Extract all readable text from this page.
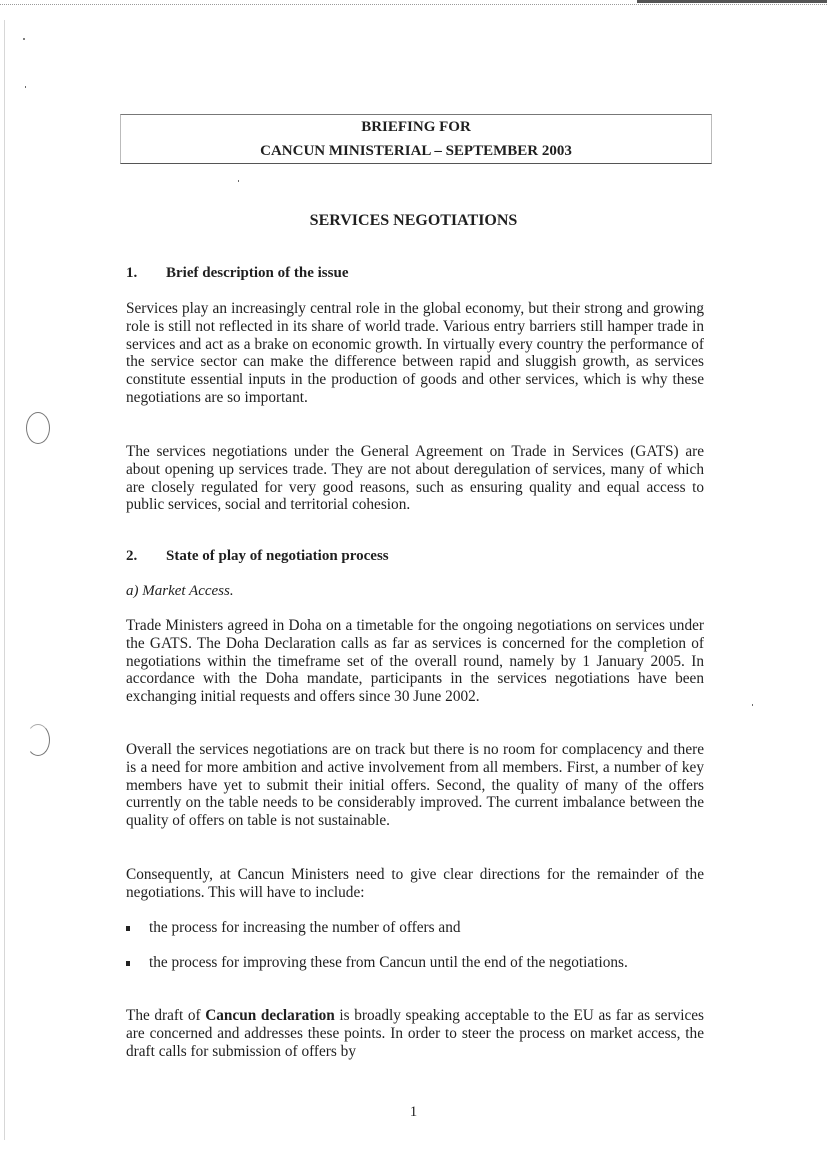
BRIEFING FOR
CANCUN MINISTERIAL – SEPTEMBER 2003
SERVICES NEGOTIATIONS
1. Brief description of the issue

Services play an increasingly central role in the global economy, but their strong and growing role is still not reflected in its share of world trade. Various entry barriers still hamper trade in services and act as a brake on economic growth. In virtually every country the performance of the service sector can make the difference between rapid and sluggish growth, as services constitute essential inputs in the production of goods and other services, which is why these negotiations are so important.

The services negotiations under the General Agreement on Trade in Services (GATS) are about opening up services trade. They are not about deregulation of services, many of which are closely regulated for very good reasons, such as ensuring quality and equal access to public services, social and territorial cohesion.

2. State of play of negotiation process
a) Market Access.

Trade Ministers agreed in Doha on a timetable for the ongoing negotiations on services under the GATS. The Doha Declaration calls as far as services is concerned for the completion of negotiations within the timeframe set of the overall round, namely by 1 January 2005. In accordance with the Doha mandate, participants in the services negotiations have been exchanging initial requests and offers since 30 June 2002.

Overall the services negotiations are on track but there is no room for complacency and there is a need for more ambition and active involvement from all members. First, a number of key members have yet to submit their initial offers. Second, the quality of many of the offers currently on the table needs to be considerably improved. The current imbalance between the quality of offers on table is not sustainable.

Consequently, at Cancun Ministers need to give clear directions for the remainder of the negotiations. This will have to include:

the process for increasing the number of offers and
the process for improving these from Cancun until the end of the negotiations.

The draft of Cancun declaration is broadly speaking acceptable to the EU as far as services are concerned and addresses these points. In order to steer the process on market access, the draft calls for submission of offers by

1
